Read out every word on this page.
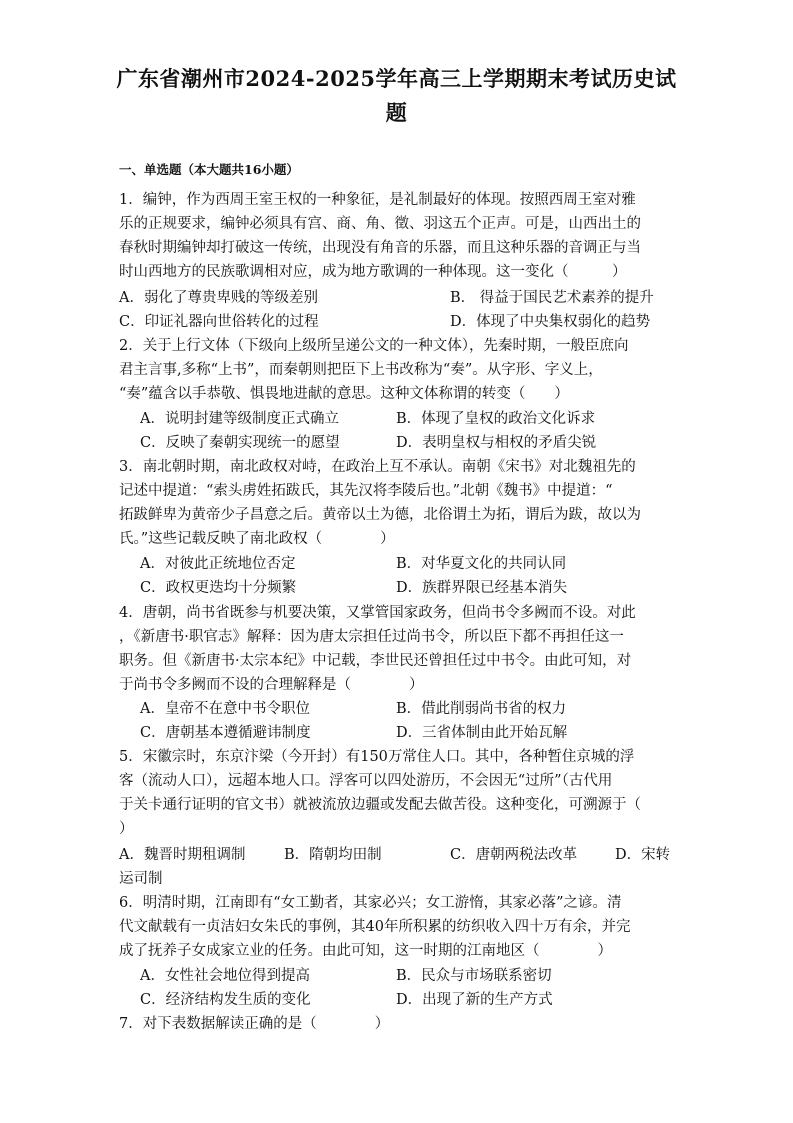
广东省潮州市2024-2025学年高三上学期期末考试历史试
题
一、单选题（本大题共16小题）
1．编钟，作为西周王室王权的一种象征，是礼制最好的体现。按照西周王室对雅
乐的正规要求，编钟必须具有宫、商、角、徵、羽这五个正声。可是，山西出土的
春秋时期编钟却打破这一传统，出现没有角音的乐器，而且这种乐器的音调正与当
时山西地方的民族歌调相对应，成为地方歌调的一种体现。这一变化（　　　）
A．弱化了尊贵卑贱的等级差别	B． 得益于国民艺术素养的提升
C．印证礼器向世俗转化的过程	D．体现了中央集权弱化的趋势
2．关于上行文体（下级向上级所呈递公文的一种文体），先秦时期，一般臣庶向
君主言事,多称“上书”，而秦朝则把臣下上书改称为“奏”。从字形、字义上，
“奏”蕴含以手恭敬、惧畏地进献的意思。这种文体称谓的转变（　　）
A．说明封建等级制度正式确立	B．体现了皇权的政治文化诉求
C．反映了秦朝实现统一的愿望	D．表明皇权与相权的矛盾尖锐
3．南北朝时期，南北政权对峙，在政治上互不承认。南朝《宋书》对北魏祖先的
记述中提道：“索头虏姓拓跋氏，其先汉将李陵后也。”北朝《魏书》中提道：“
拓跋鲜卑为黄帝少子昌意之后。黄帝以土为德，北俗谓土为拓，谓后为跋，故以为
氏。”这些记载反映了南北政权（　　　　）
A．对彼此正统地位否定	B．对华夏文化的共同认同
C．政权更迭均十分频繁	D．族群界限已经基本消失
4．唐朝，尚书省既参与机要决策，又掌管国家政务，但尚书令多阙而不设。对此
，《新唐书·职官志》解释：因为唐太宗担任过尚书令，所以臣下都不再担任这一
职务。但《新唐书·太宗本纪》中记载，李世民还曾担任过中书令。由此可知，对
于尚书令多阙而不设的合理解释是（　　　　）
A．皇帝不在意中书令职位	B．借此削弱尚书省的权力
C．唐朝基本遵循避讳制度	D．三省体制由此开始瓦解
5．宋徽宗时，东京汴梁（今开封）有150万常住人口。其中，各种暂住京城的浮
客（流动人口），远超本地人口。浮客可以四处游历，不会因无“过所”（古代用
于关卡通行证明的官文书）就被流放边疆或发配去做苦役。这种变化，可溯源于（
）
A．魏晋时期租调制	B．隋朝均田制	C．唐朝两税法改革	D．宋转
运司制
6．明清时期，江南即有“女工勤者，其家必兴；女工游惰，其家必落”之谚。清
代文献载有一贞洁妇女朱氏的事例，其40年所积累的纺织收入四十万有余，并完
成了抚养子女成家立业的任务。由此可知，这一时期的江南地区（　　　　）
A．女性社会地位得到提高	B．民众与市场联系密切
C．经济结构发生质的变化	D．出现了新的生产方式
7．对下表数据解读正确的是（　　　　）
